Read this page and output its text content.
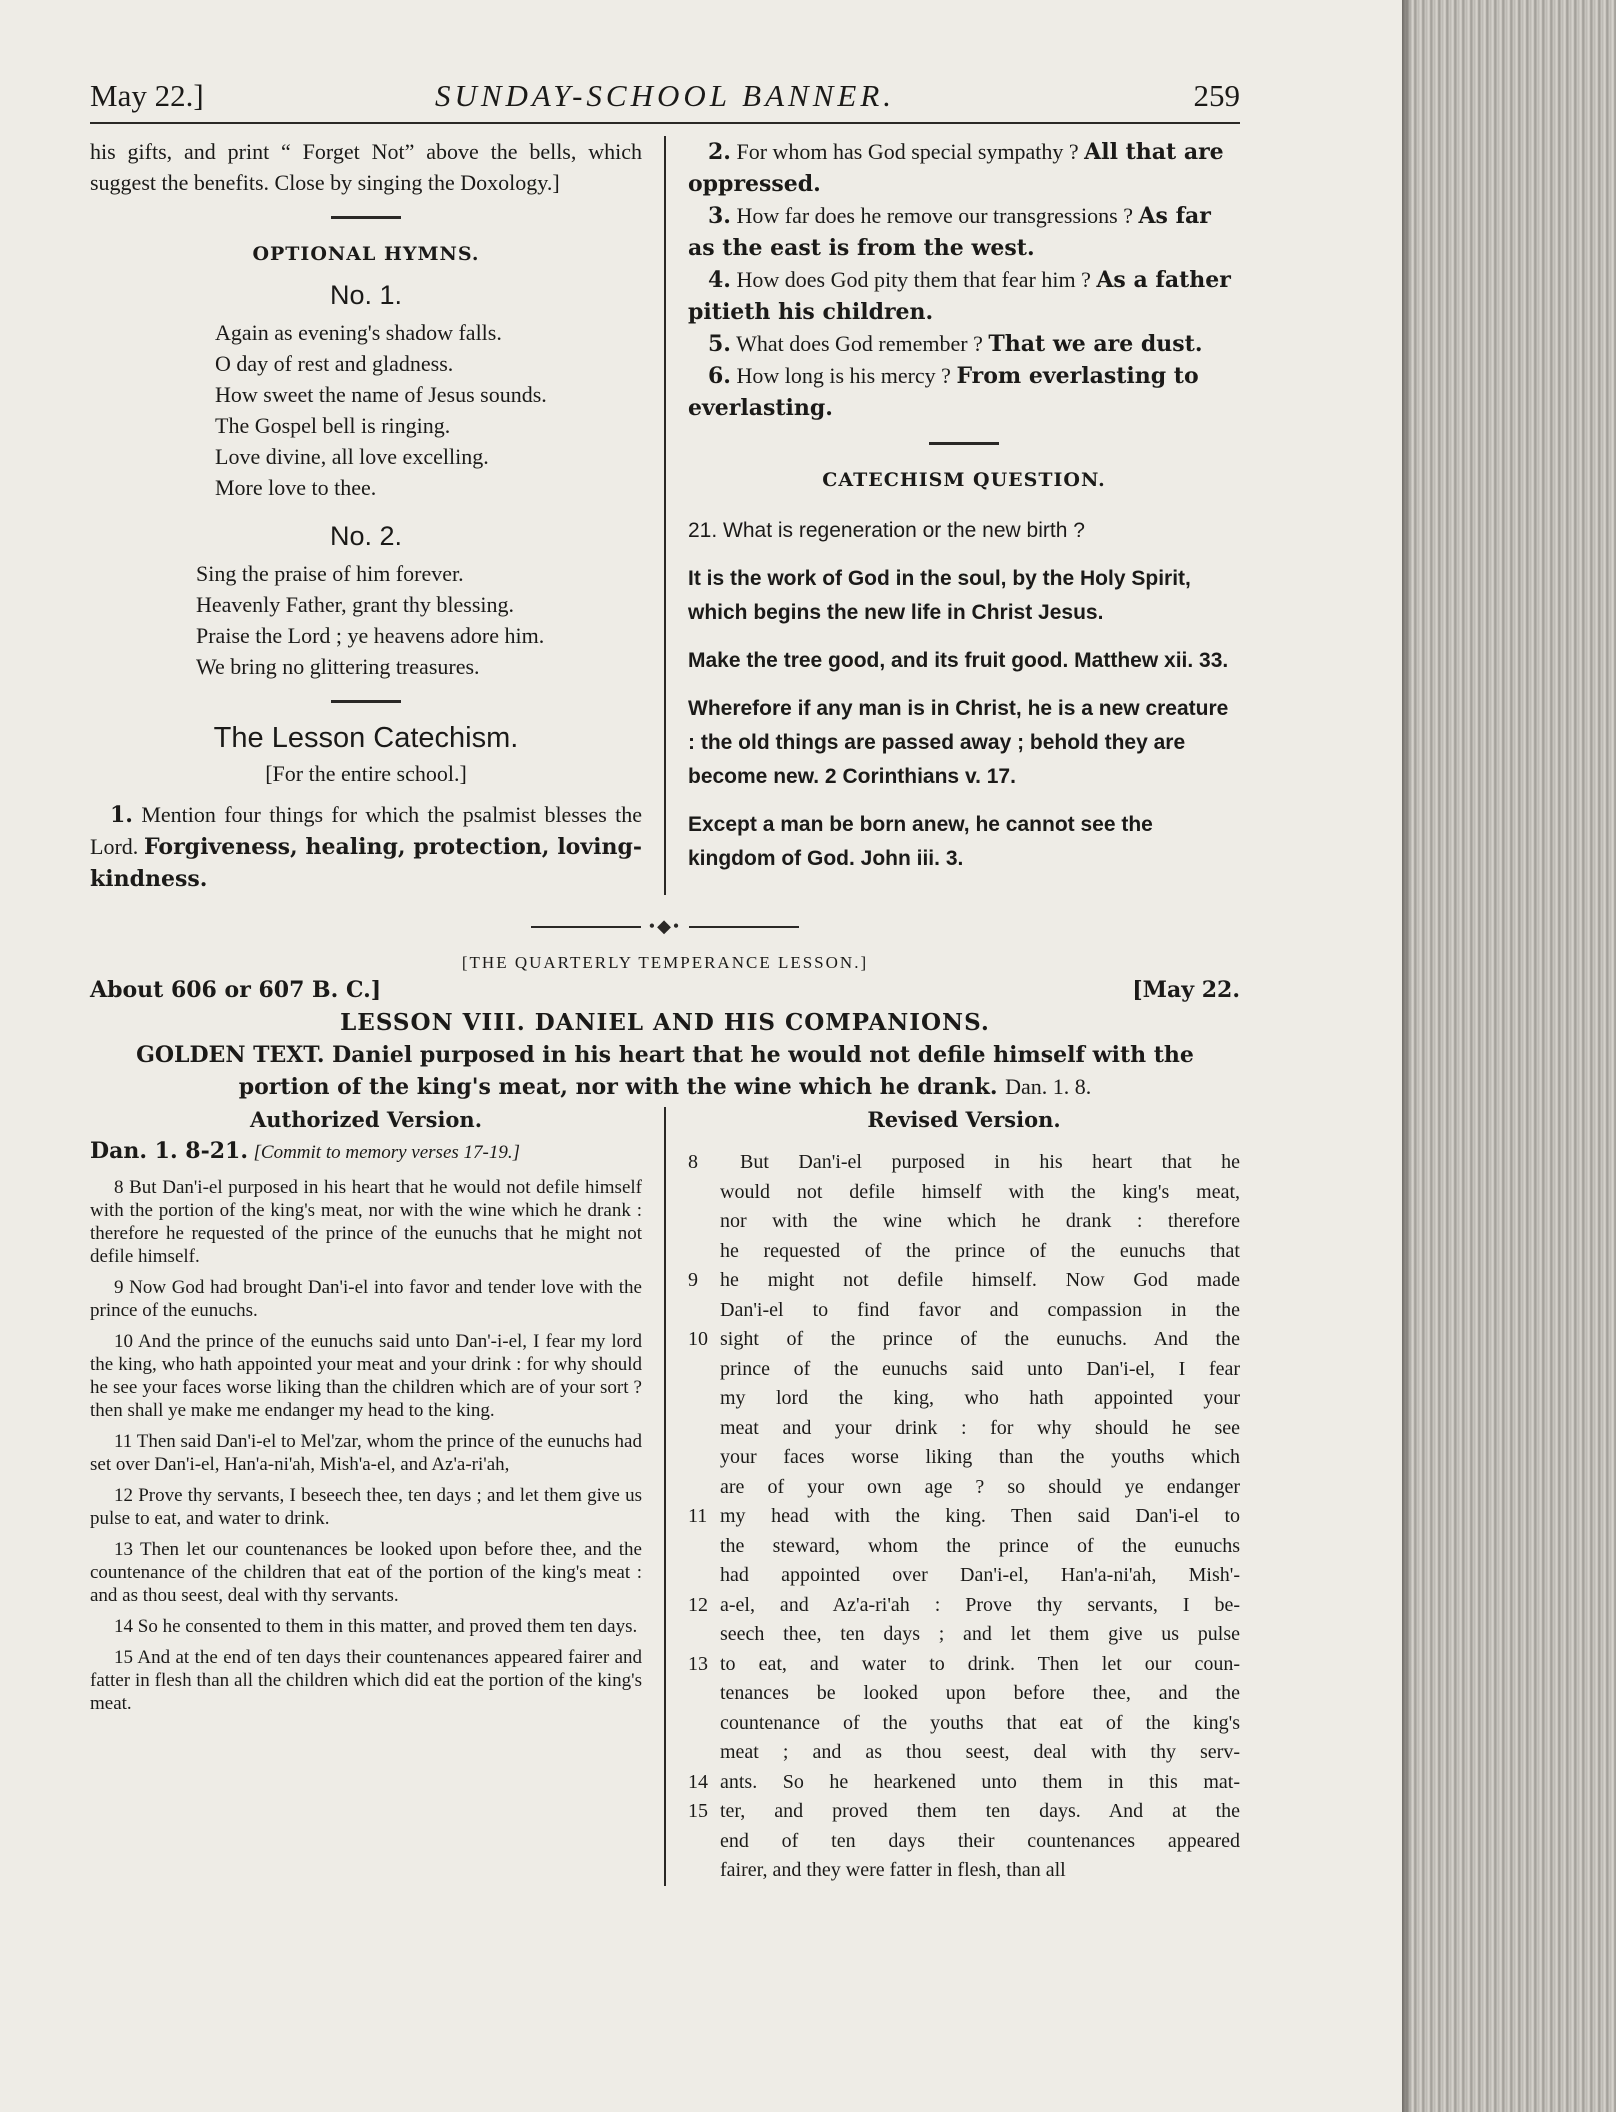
May 22.]	SUNDAY-SCHOOL BANNER.	259

his gifts, and print “ Forget Not” above the bells, which suggest the benefits. Close by singing the Doxology.]

OPTIONAL HYMNS.
No. 1.
Again as evening's shadow falls.
O day of rest and gladness.
How sweet the name of Jesus sounds.
The Gospel bell is ringing.
Love divine, all love excelling.
More love to thee.
No. 2.
Sing the praise of him forever.
Heavenly Father, grant thy blessing.
Praise the Lord ; ye heavens adore him.
We bring no glittering treasures.
The Lesson Catechism.
[For the entire school.]

1. Mention four things for which the psalmist blesses the Lord. Forgiveness, healing, protection, loving-kindness.

2. For whom has God special sympathy ? All that are oppressed.

3. How far does he remove our transgressions ? As far as the east is from the west.

4. How does God pity them that fear him ? As a father pitieth his children.

5. What does God remember ? That we are dust.

6. How long is his mercy ? From everlasting to everlasting.

CATECHISM QUESTION.

21. What is regeneration or the new birth ?

It is the work of God in the soul, by the Holy Spirit, which begins the new life in Christ Jesus.

Make the tree good, and its fruit good. Matthew xii. 33.

Wherefore if any man is in Christ, he is a new creature : the old things are passed away ; behold they are become new. 2 Corinthians v. 17.

Except a man be born anew, he cannot see the kingdom of God. John iii. 3.

•◆•
[THE QUARTERLY TEMPERANCE LESSON.]
About 606 or 607 B. C.]	[May 22.
LESSON VIII. DANIEL AND HIS COMPANIONS.
GOLDEN TEXT. Daniel purposed in his heart that he would not defile himself with the portion of the king's meat, nor with the wine which he drank. Dan. 1. 8.
Authorized Version.
Dan. 1. 8-21. [Commit to memory verses 17-19.]

8 But Dan'i-el purposed in his heart that he would not defile himself with the portion of the king's meat, nor with the wine which he drank : therefore he requested of the prince of the eunuchs that he might not defile himself.

9 Now God had brought Dan'i-el into favor and tender love with the prince of the eunuchs.

10 And the prince of the eunuchs said unto Dan'-i-el, I fear my lord the king, who hath appointed your meat and your drink : for why should he see your faces worse liking than the children which are of your sort ? then shall ye make me endanger my head to the king.

11 Then said Dan'i-el to Mel'zar, whom the prince of the eunuchs had set over Dan'i-el, Han'a-ni'ah, Mish'a-el, and Az'a-ri'ah,

12 Prove thy servants, I beseech thee, ten days ; and let them give us pulse to eat, and water to drink.

13 Then let our countenances be looked upon before thee, and the countenance of the children that eat of the portion of the king's meat : and as thou seest, deal with thy servants.

14 So he consented to them in this matter, and proved them ten days.

15 And at the end of ten days their countenances appeared fairer and fatter in flesh than all the children which did eat the portion of the king's meat.

Revised Version.
8	But Dan'i-el purposed in his heart that he
would not defile himself with the king's meat,
nor with the wine which he drank : therefore
he requested of the prince of the eunuchs that
9	he might not defile himself. Now God made
Dan'i-el to find favor and compassion in the
10 sight of the prince of the eunuchs. And the
prince of the eunuchs said unto Dan'i-el, I fear
my lord the king, who hath appointed your
meat and your drink : for why should he see
your faces worse liking than the youths which
are of your own age ? so should ye endanger
11 my head with the king. Then said Dan'i-el to
the steward, whom the prince of the eunuchs
had appointed over Dan'i-el, Han'a-ni'ah, Mish'-
12 a-el, and Az'a-ri'ah : Prove thy servants, I be-
seech thee, ten days ; and let them give us pulse
13 to eat, and water to drink. Then let our coun-
tenances be looked upon before thee, and the
countenance of the youths that eat of the king's
meat ; and as thou seest, deal with thy serv-
14 ants. So he hearkened unto them in this mat-
15 ter, and proved them ten days. And at the
end of ten days their countenances appeared
fairer, and they were fatter in flesh, than all
